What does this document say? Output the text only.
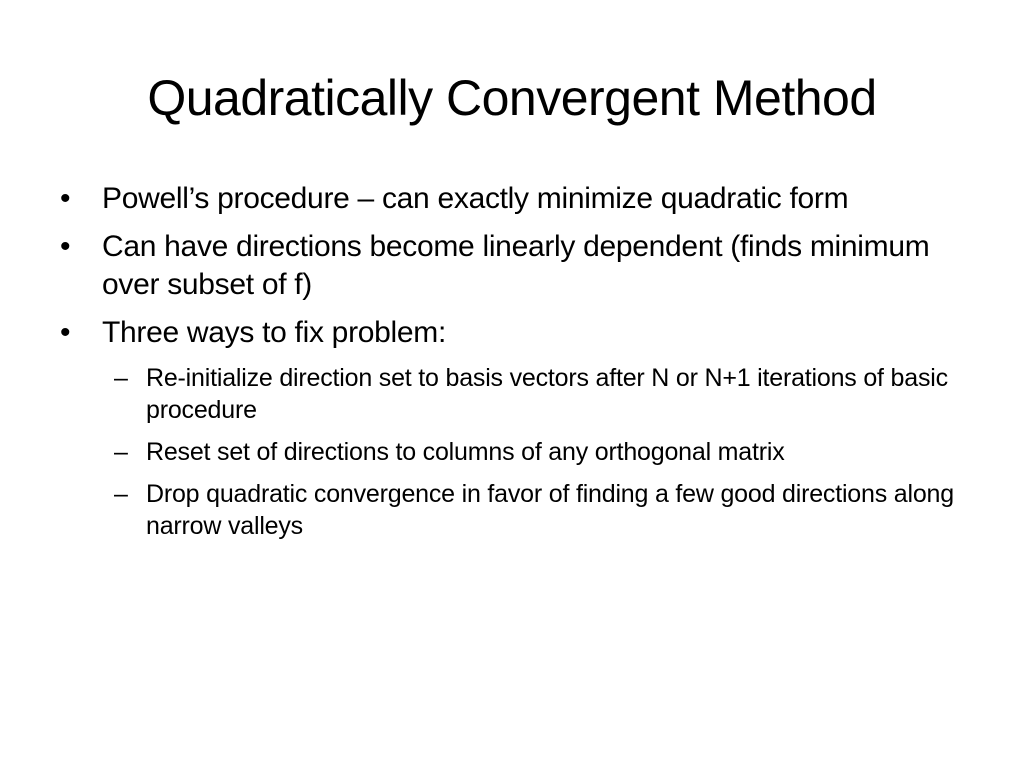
Quadratically Convergent Method
•	Powell’s procedure – can exactly minimize quadratic form
•	Can have directions become linearly dependent (finds minimum over subset of f)
•	Three ways to fix problem:
– Re-initialize direction set to basis vectors after N or N+1 iterations of basic procedure
– Reset set of directions to columns of any orthogonal matrix
– Drop quadratic convergence in favor of finding a few good directions along narrow valleys
